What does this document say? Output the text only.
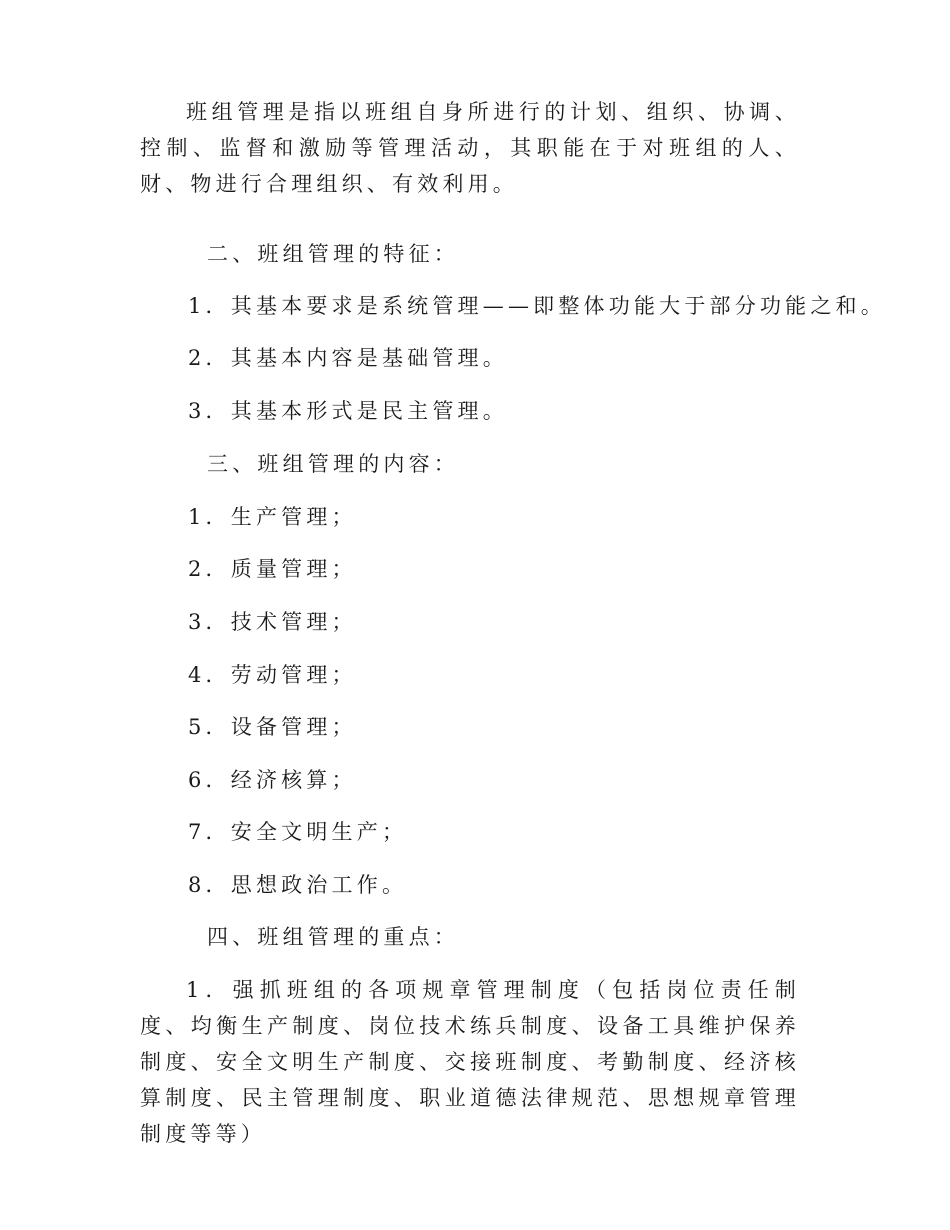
班组管理是指以班组自身所进行的计划、组织、协调、控制、监督和激励等管理活动，其职能在于对班组的人、财、物进行合理组织、有效利用。

二、班组管理的特征：
1．其基本要求是系统管理——即整体功能大于部分功能之和。
2．其基本内容是基础管理。
3．其基本形式是民主管理。
三、班组管理的内容：
1．生产管理；
2．质量管理；
3．技术管理；
4．劳动管理；
5．设备管理；
6．经济核算；
7．安全文明生产；
8．思想政治工作。
四、班组管理的重点：

1．强抓班组的各项规章管理制度（包括岗位责任制度、均衡生产制度、岗位技术练兵制度、设备工具维护保养制度、安全文明生产制度、交接班制度、考勤制度、经济核算制度、民主管理制度、职业道德法律规范、思想规章管理制度等等）
